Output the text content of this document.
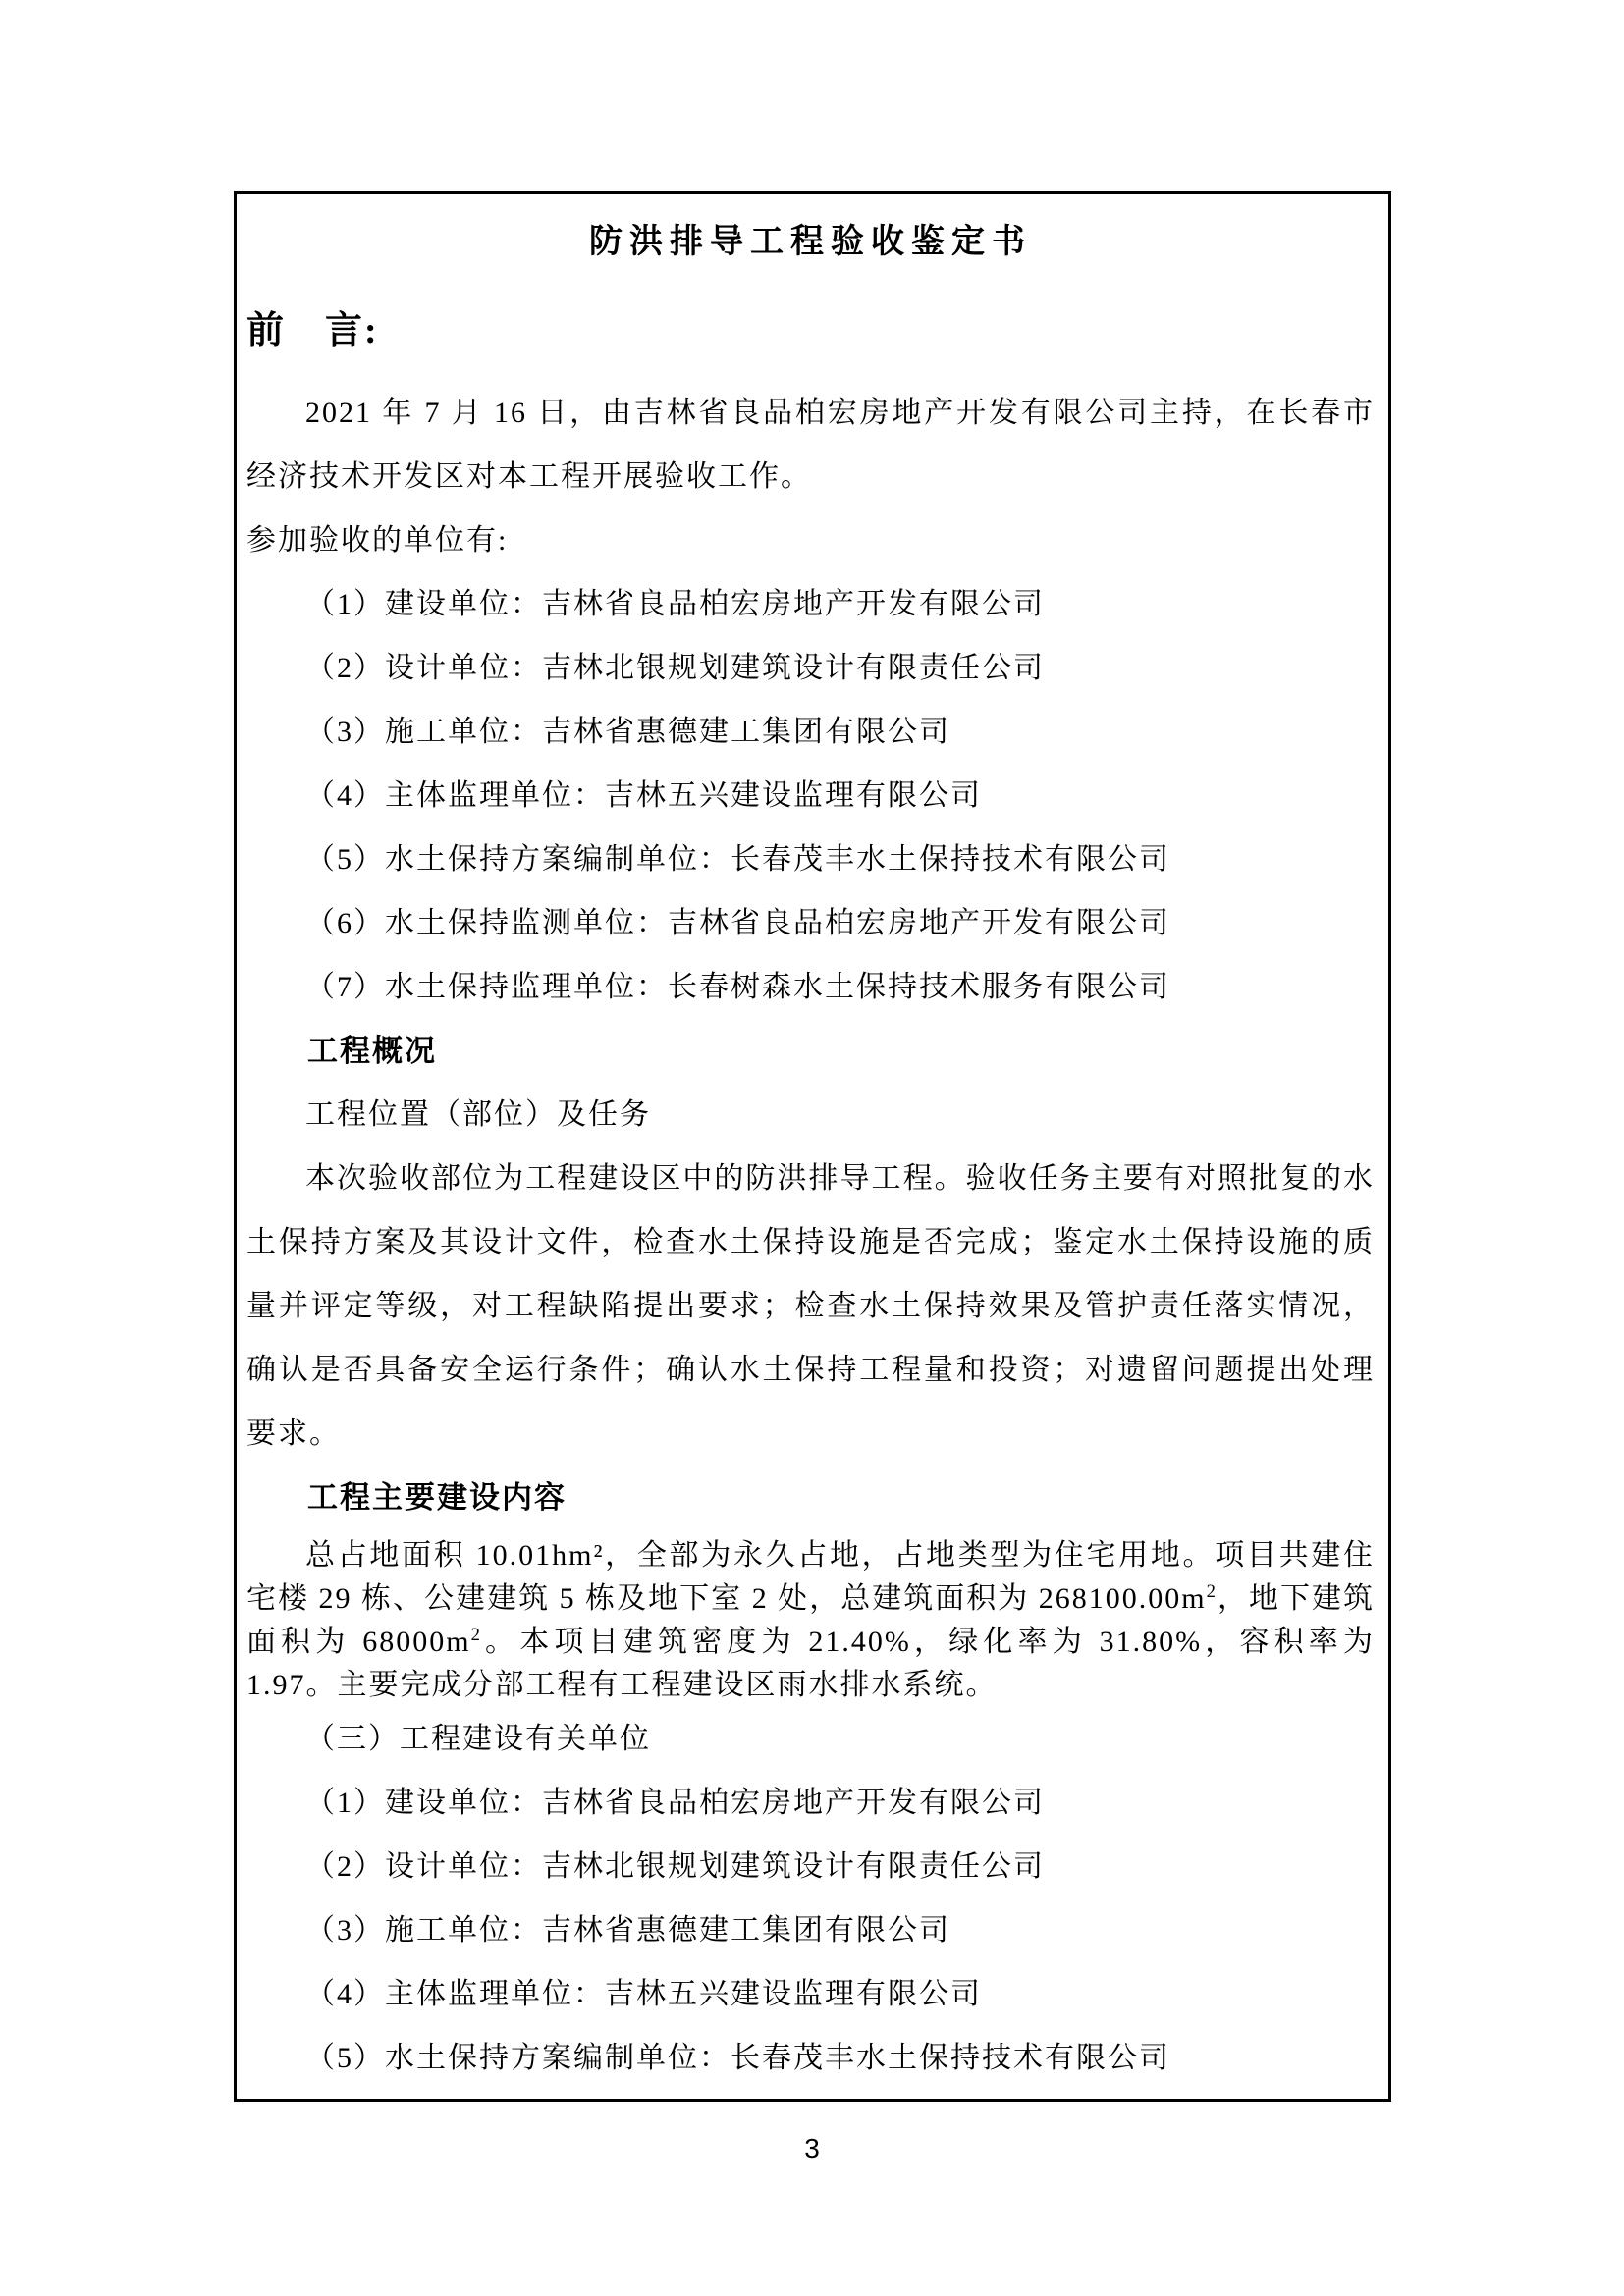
防洪排导工程验收鉴定书
前　言:

2021 年 7 月 16 日，由吉林省良品柏宏房地产开发有限公司主持，在长春市经济技术开发区对本工程开展验收工作。

参加验收的单位有:

（1）建设单位：吉林省良品柏宏房地产开发有限公司

（2）设计单位：吉林北银规划建筑设计有限责任公司

（3）施工单位：吉林省惠德建工集团有限公司

（4）主体监理单位：吉林五兴建设监理有限公司

（5）水土保持方案编制单位：长春茂丰水土保持技术有限公司

（6）水土保持监测单位：吉林省良品柏宏房地产开发有限公司

（7）水土保持监理单位：长春树森水土保持技术服务有限公司

工程概况

工程位置（部位）及任务

本次验收部位为工程建设区中的防洪排导工程。验收任务主要有对照批复的水土保持方案及其设计文件，检查水土保持设施是否完成；鉴定水土保持设施的质量并评定等级，对工程缺陷提出要求；检查水土保持效果及管护责任落实情况，确认是否具备安全运行条件；确认水土保持工程量和投资；对遗留问题提出处理要求。

工程主要建设内容

总占地面积 10.01hm²，全部为永久占地，占地类型为住宅用地。项目共建住宅楼 29 栋、公建建筑 5 栋及地下室 2 处，总建筑面积为 $268100.00m^2$，地下建筑面积为 $68000m^2$。本项目建筑密度为 21.40%，绿化率为 31.80%，容积率为 1.97。主要完成分部工程有工程建设区雨水排水系统。

（三）工程建设有关单位

（1）建设单位：吉林省良品柏宏房地产开发有限公司

（2）设计单位：吉林北银规划建筑设计有限责任公司

（3）施工单位：吉林省惠德建工集团有限公司

（4）主体监理单位：吉林五兴建设监理有限公司

（5）水土保持方案编制单位：长春茂丰水土保持技术有限公司

3
